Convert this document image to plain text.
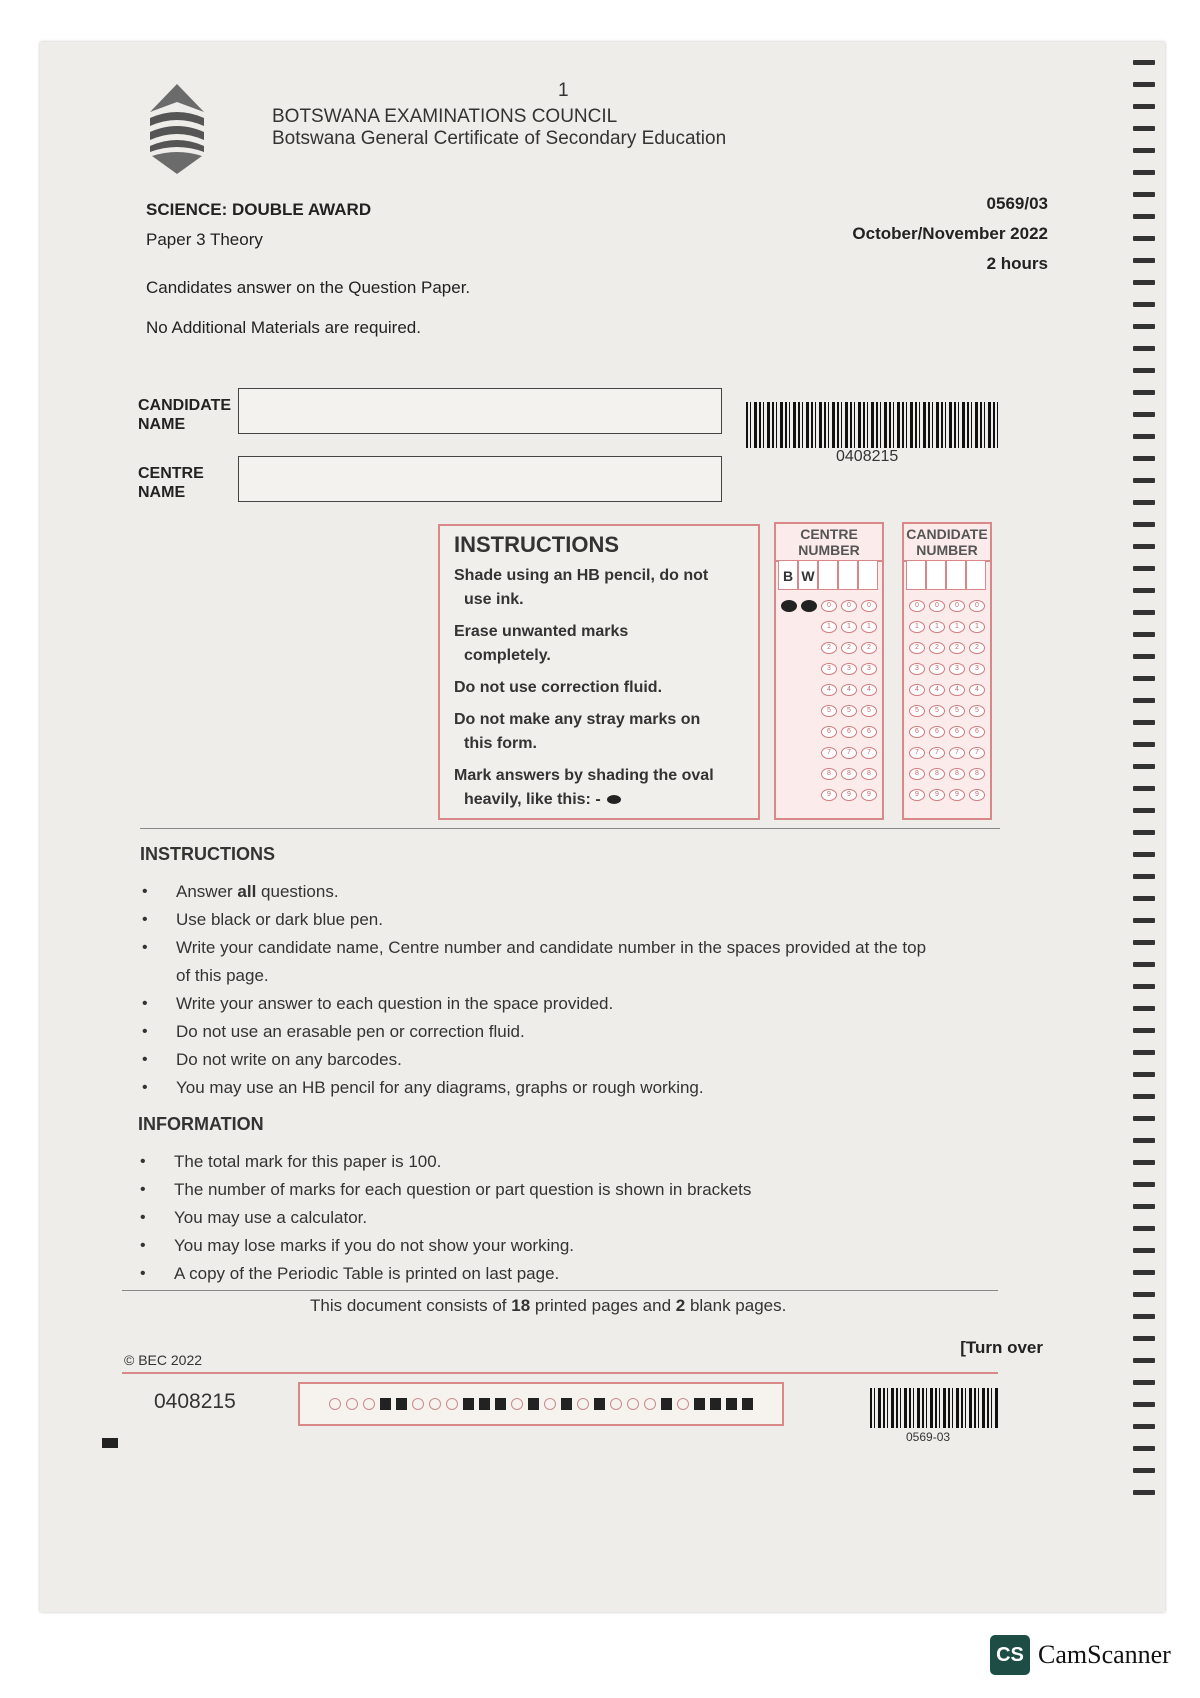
1
BOTSWANA EXAMINATIONS COUNCIL
Botswana General Certificate of Secondary Education
SCIENCE: DOUBLE AWARD
Paper 3 Theory
0569/03
October/November 2022
2 hours
Candidates answer on the Question Paper.
No Additional Materials are required.
CANDIDATE
NAME
CENTRE
NAME
0408215
INSTRUCTIONS

Shade using an HB pencil, do not
use ink.

Erase unwanted marks
completely.

Do not use correction fluid.

Do not make any stray marks on
this form.

Mark answers by shading the oval
heavily, like this: -

CENTRE
NUMBER
B W
0
1
2
3
4
5
6
7
8
9
0
1
2
3
4
5
6
7
8
9
0
1
2
3
4
5
6
7
8
9
CANDIDATE
NUMBER
0
1
2
3
4
5
6
7
8
9
0
1
2
3
4
5
6
7
8
9
0
1
2
3
4
5
6
7
8
9
0
1
2
3
4
5
6
7
8
9
INSTRUCTIONS
• Answer all questions.
• Use black or dark blue pen.
• Write your candidate name, Centre number and candidate number in the spaces provided at the top of this page.
• Write your answer to each question in the space provided.
• Do not use an erasable pen or correction fluid.
• Do not write on any barcodes.
• You may use an HB pencil for any diagrams, graphs or rough working.
INFORMATION
• The total mark for this paper is 100.
• The number of marks for each question or part question is shown in brackets
• You may use a calculator.
• You may lose marks if you do not show your working.
• A copy of the Periodic Table is printed on last page.
This document consists of 18 printed pages and 2 blank pages.
© BEC 2022
[Turn over
0408215
0569-03
CS CamScanner
